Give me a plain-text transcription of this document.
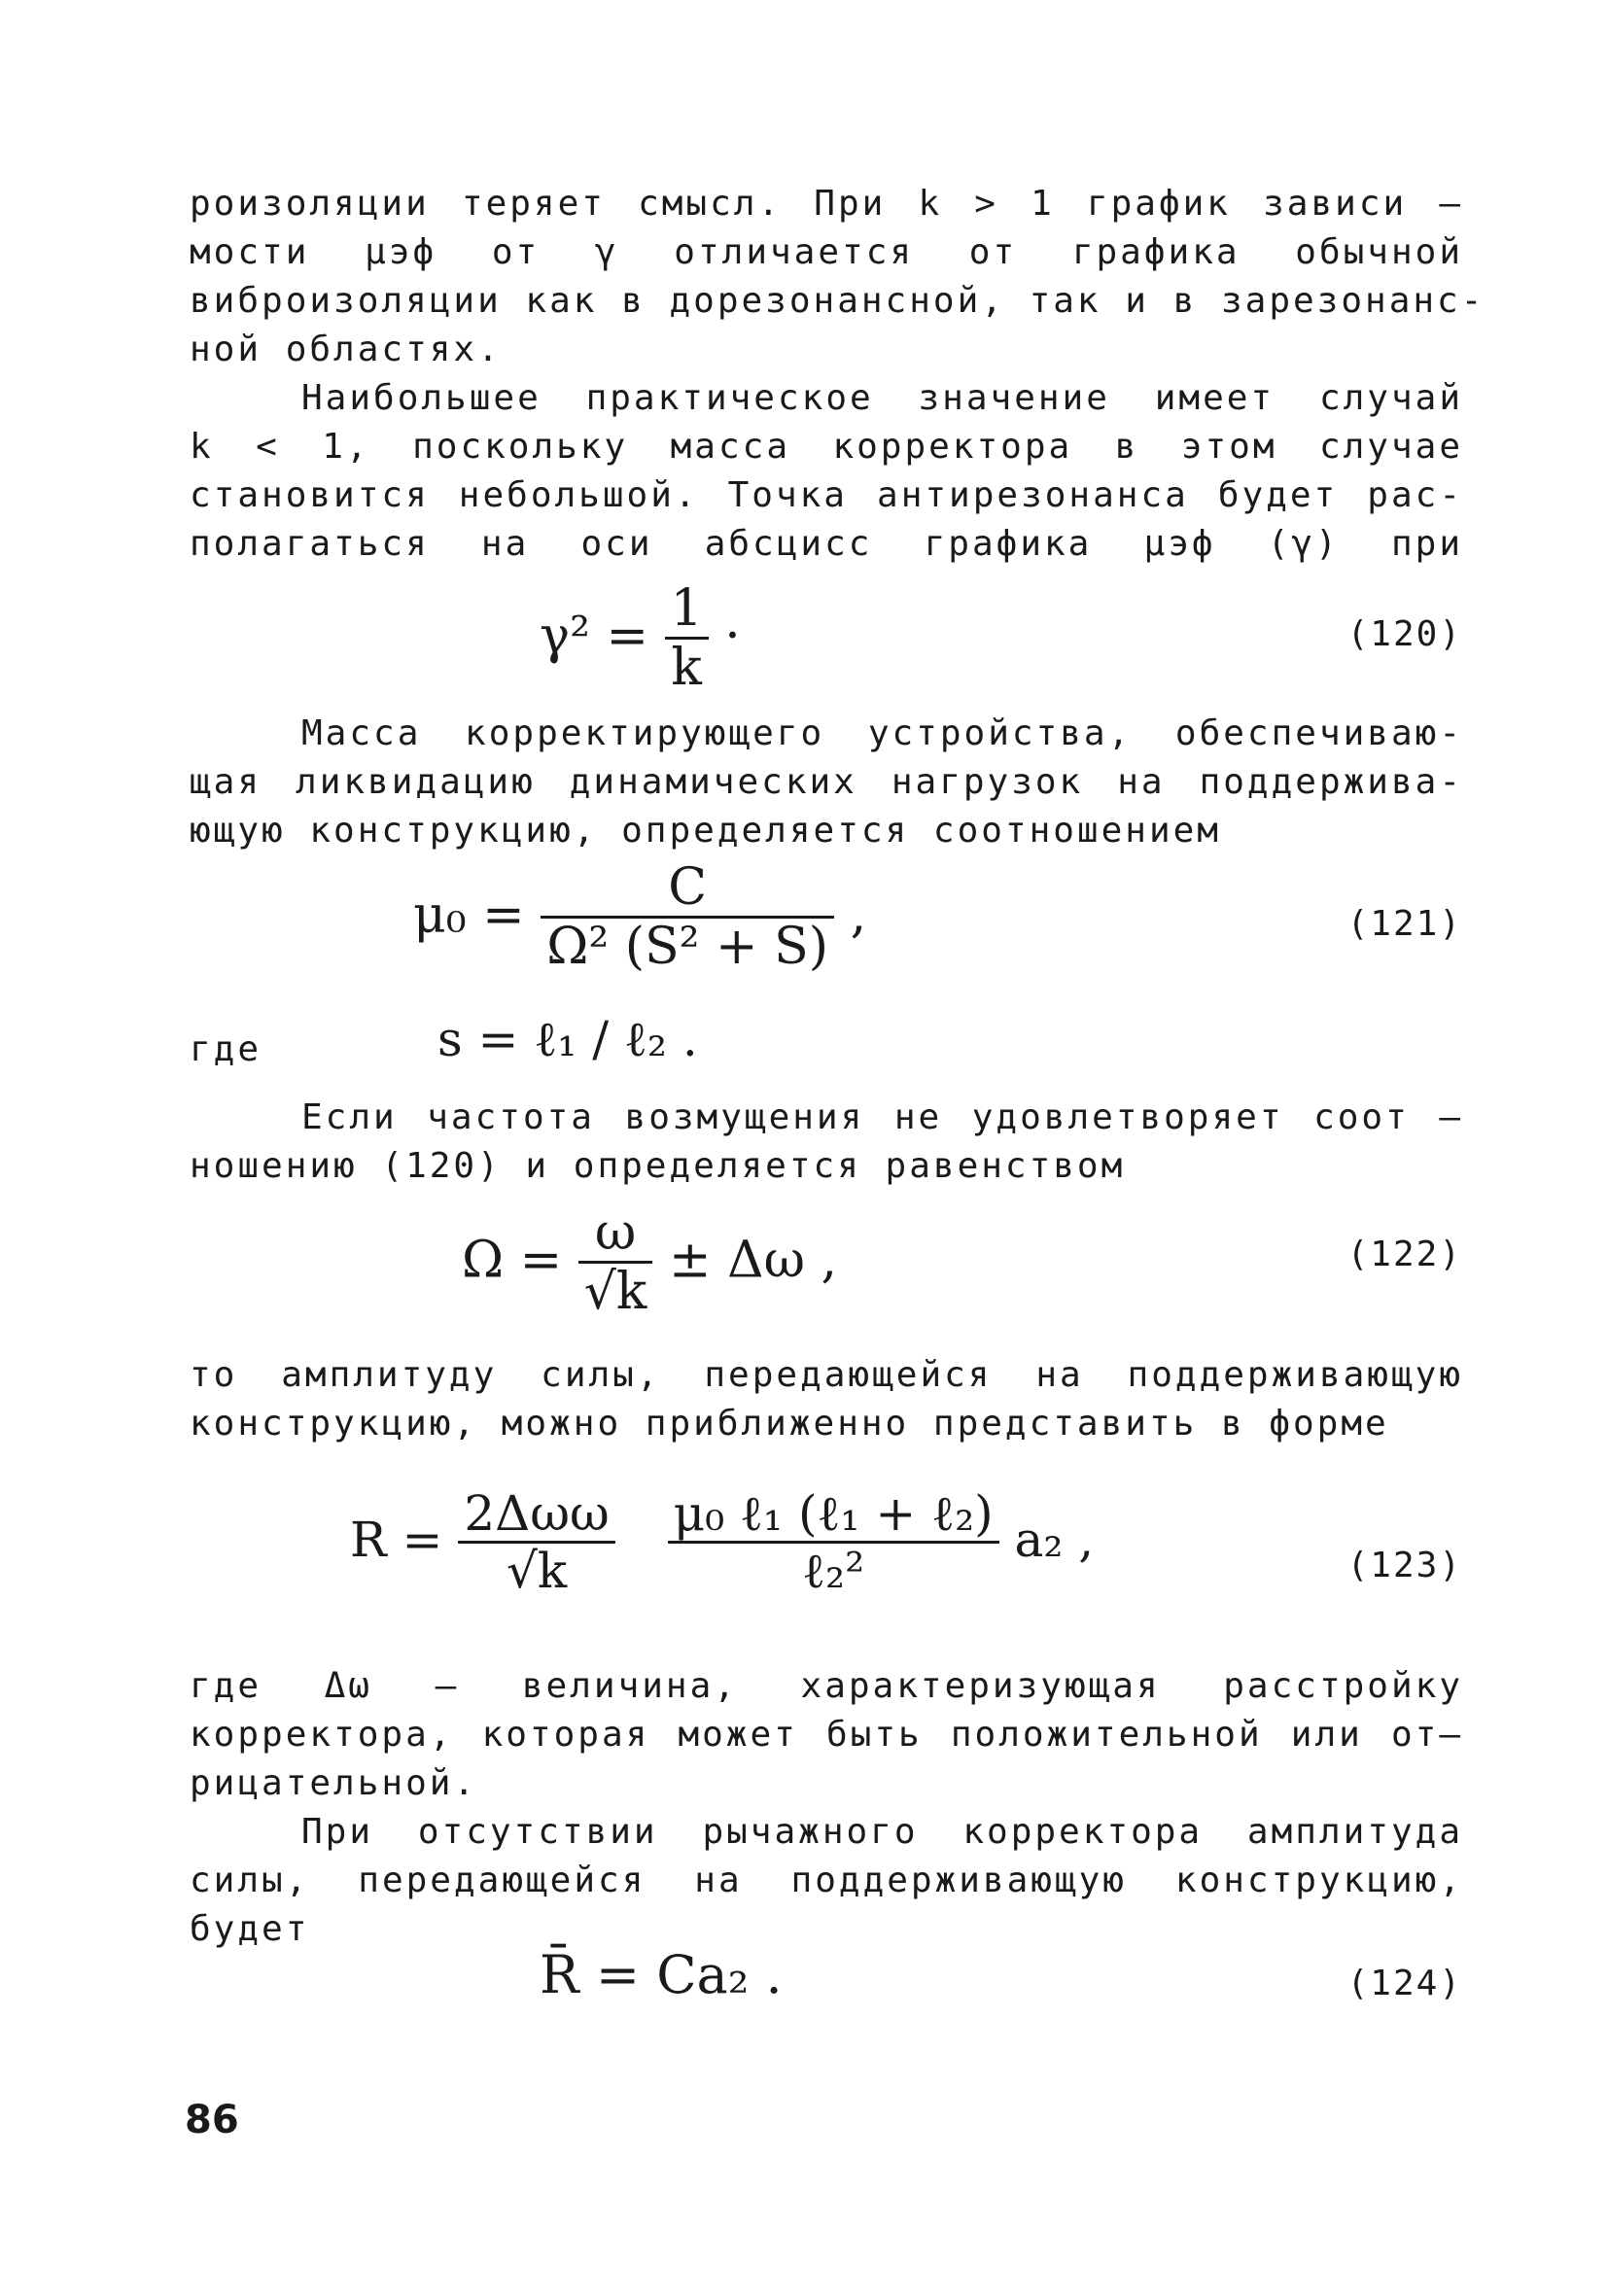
роизоляции теряет смысл. При k > 1 график зависи –
мости μэф от γ отличается от графика обычной
виброизоляции как в дорезонансной, так и в зарезонанс-
ной областях.
Наибольшее практическое значение имеет случай
k < 1, поскольку масса корректора в этом случае
становится небольшой. Точка антирезонанса будет рас-
полагаться на оси абсцисс графика μэф (γ) при
$\gamma^2 = \frac{1}{k}$ ·	(120)
Масса корректирующего устройства, обеспечиваю-
щая ликвидацию динамических нагрузок на поддержива-
ющую конструкцию, определяется соотношением
$\mu_0 = \frac{C}{\text{Ω² (S² + S)}}$ ,	(121)
где	s = ℓ₁ / ℓ₂ .
Если частота возмущения не удовлетворяет соот –
ношению (120) и определяется равенством
$\Omega = \frac{\omega}{√k} \pm \Delta\omega$ ,	(122)
то амплитуду силы, передающейся на поддерживающую
конструкцию, можно приближенно представить в форме
$R = \frac{\text{2Δωω}}{√k}$
$\frac{\text{μ₀ ℓ₁ (ℓ₁ + ℓ₂)}}{\text{ℓ₂²}} a_2$ ,	(123)
где Δω – величина, характеризующая расстройку
корректора, которая может быть положительной или от–
рицательной.
При отсутствии рычажного корректора амплитуда
силы, передающейся на поддерживающую конструкцию,
будет
R̄ = Ca₂ .	(124)
86
